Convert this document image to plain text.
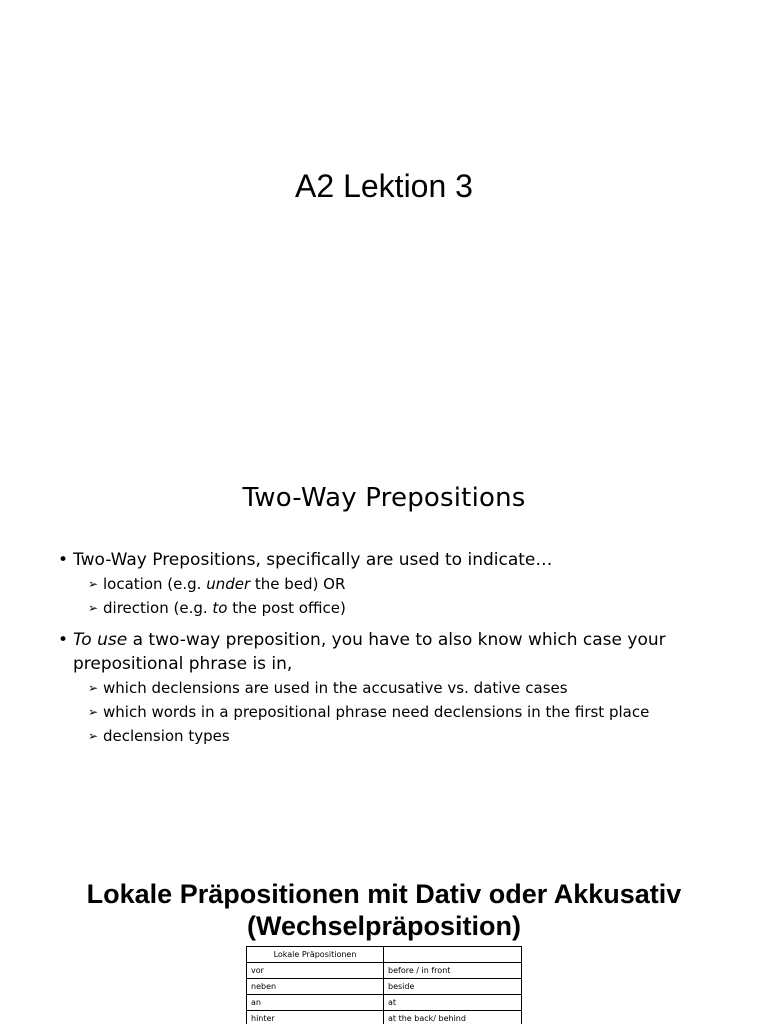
A2 Lektion 3
Two-Way Prepositions
• Two-Way Prepositions, specifically are used to indicate…
➢ location (e.g. under the bed) OR
➢ direction (e.g. to the post office)
• To use a two-way preposition, you have to also know which case your prepositional phrase is in,
➢ which declensions are used in the accusative vs. dative cases
➢ which words in a prepositional phrase need declensions in the first place
➢ declension types
Lokale Präpositionen mit Dativ oder Akkusativ
(Wechselpräposition)
Lokale Präpositionen	
vor	before / in front
neben	beside
an	at
hinter	at the back/ behind
